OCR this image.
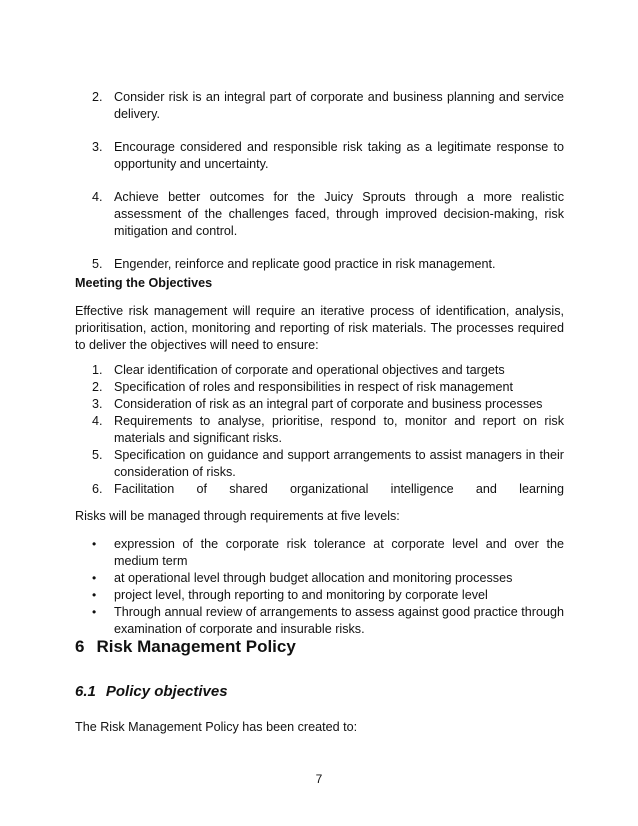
2. Consider risk is an integral part of corporate and business planning and service delivery.
3. Encourage considered and responsible risk taking as a legitimate response to opportunity and uncertainty.
4. Achieve better outcomes for the Juicy Sprouts through a more realistic assessment of the challenges faced, through improved decision-making, risk mitigation and control.
5. Engender, reinforce and replicate good practice in risk management.
Meeting the Objectives

Effective risk management will require an iterative process of identification, analysis, prioritisation, action, monitoring and reporting of risk materials. The processes required to deliver the objectives will need to ensure:

1. Clear identification of corporate and operational objectives and targets
2. Specification of roles and responsibilities in respect of risk management
3. Consideration of risk as an integral part of corporate and business processes
4. Requirements to analyse, prioritise, respond to, monitor and report on risk materials and significant risks.
5. Specification on guidance and support arrangements to assist managers in their consideration of risks.
6. Facilitation of shared organizational intelligence and learning

Risks will be managed through requirements at five levels:

•	expression of the corporate risk tolerance at corporate level and over the medium term
•	at operational level through budget allocation and monitoring processes
•	project level, through reporting to and monitoring by corporate level
•	Through annual review of arrangements to assess against good practice through examination of corporate and insurable risks.
6 Risk Management Policy
6.1 Policy objectives

The Risk Management Policy has been created to:

7
